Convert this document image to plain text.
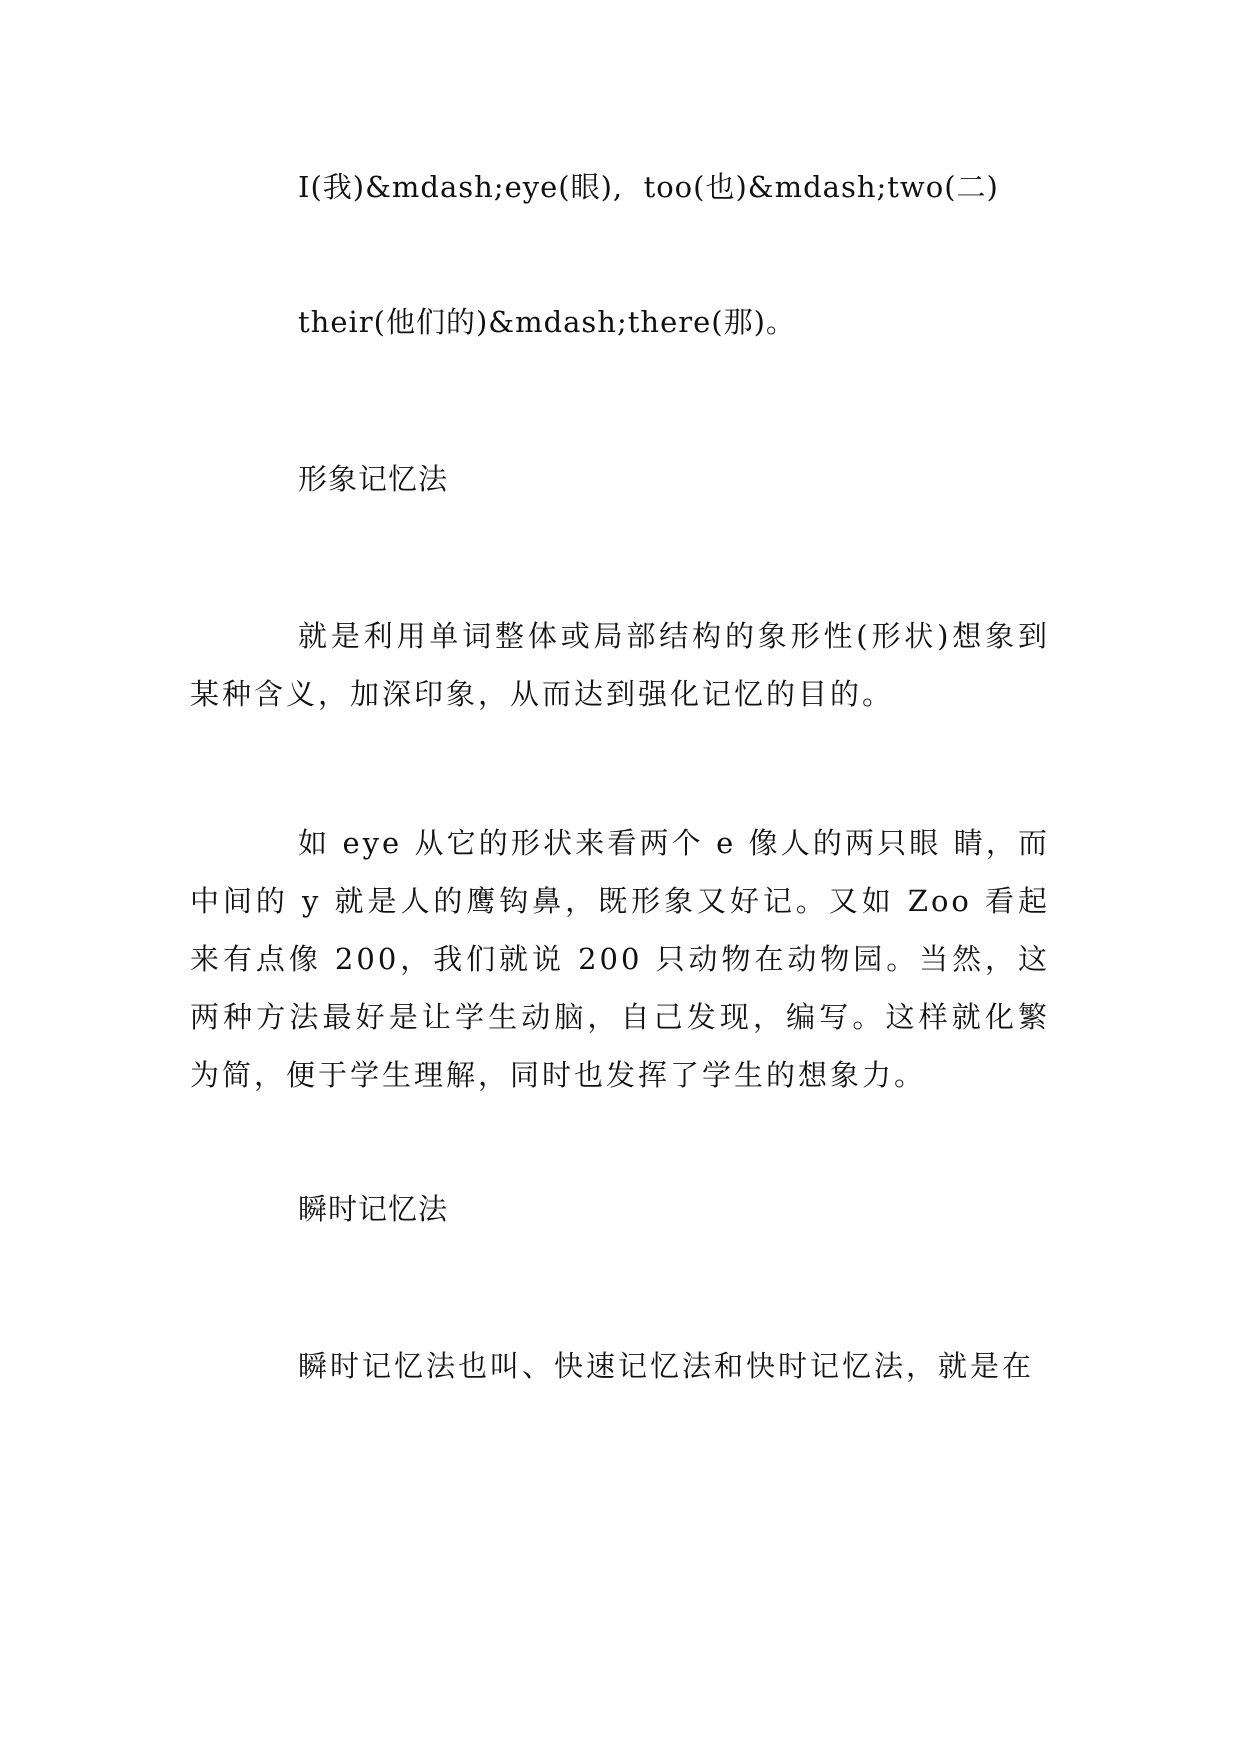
I(我)&mdash;eye(眼),  too(也)&mdash;two(二)
their(他们的)&mdash;there(那)。
形象记忆法
就是利用单词整体或局部结构的象形性(形状)想象到某种含义，加深印象，从而达到强化记忆的目的。
如 eye 从它的形状来看两个 e 像人的两只眼 睛，而中间的 y 就是人的鹰钩鼻，既形象又好记。又如 Zoo 看起来有点像 200，我们就说 200 只动物在动物园。当然，这两种方法最好是让学生动脑，自己发现，编写。这样就化繁为简，便于学生理解，同时也发挥了学生的想象力。
瞬时记忆法
瞬时记忆法也叫、快速记忆法和快时记忆法，就是在
